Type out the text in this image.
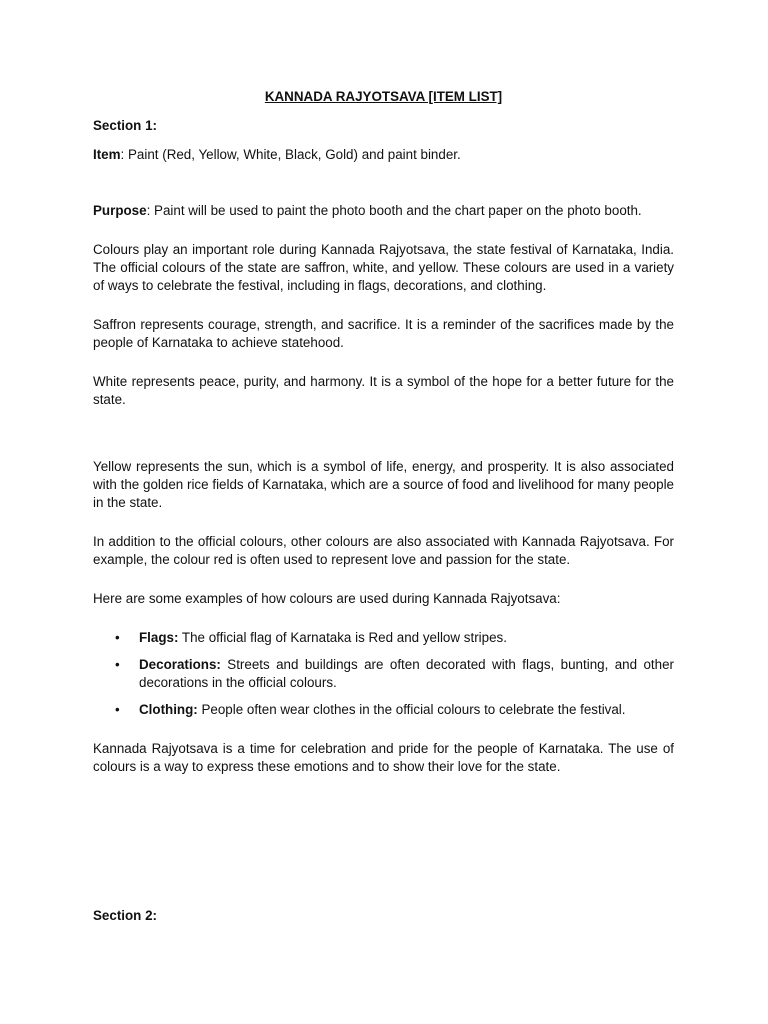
KANNADA RAJYOTSAVA [ITEM LIST]
Section 1:

Item: Paint (Red, Yellow, White, Black, Gold) and paint binder.

Purpose: Paint will be used to paint the photo booth and the chart paper on the photo booth.

Colours play an important role during Kannada Rajyotsava, the state festival of Karnataka, India. The official colours of the state are saffron, white, and yellow. These colours are used in a variety of ways to celebrate the festival, including in flags, decorations, and clothing.

Saffron represents courage, strength, and sacrifice. It is a reminder of the sacrifices made by the people of Karnataka to achieve statehood.

White represents peace, purity, and harmony. It is a symbol of the hope for a better future for the state.

Yellow represents the sun, which is a symbol of life, energy, and prosperity. It is also associated with the golden rice fields of Karnataka, which are a source of food and livelihood for many people in the state.

In addition to the official colours, other colours are also associated with Kannada Rajyotsava. For example, the colour red is often used to represent love and passion for the state.

Here are some examples of how colours are used during Kannada Rajyotsava:

• Flags: The official flag of Karnataka is Red and yellow stripes.
• Decorations: Streets and buildings are often decorated with flags, bunting, and other decorations in the official colours.
• Clothing: People often wear clothes in the official colours to celebrate the festival.

Kannada Rajyotsava is a time for celebration and pride for the people of Karnataka. The use of colours is a way to express these emotions and to show their love for the state.

Section 2:
